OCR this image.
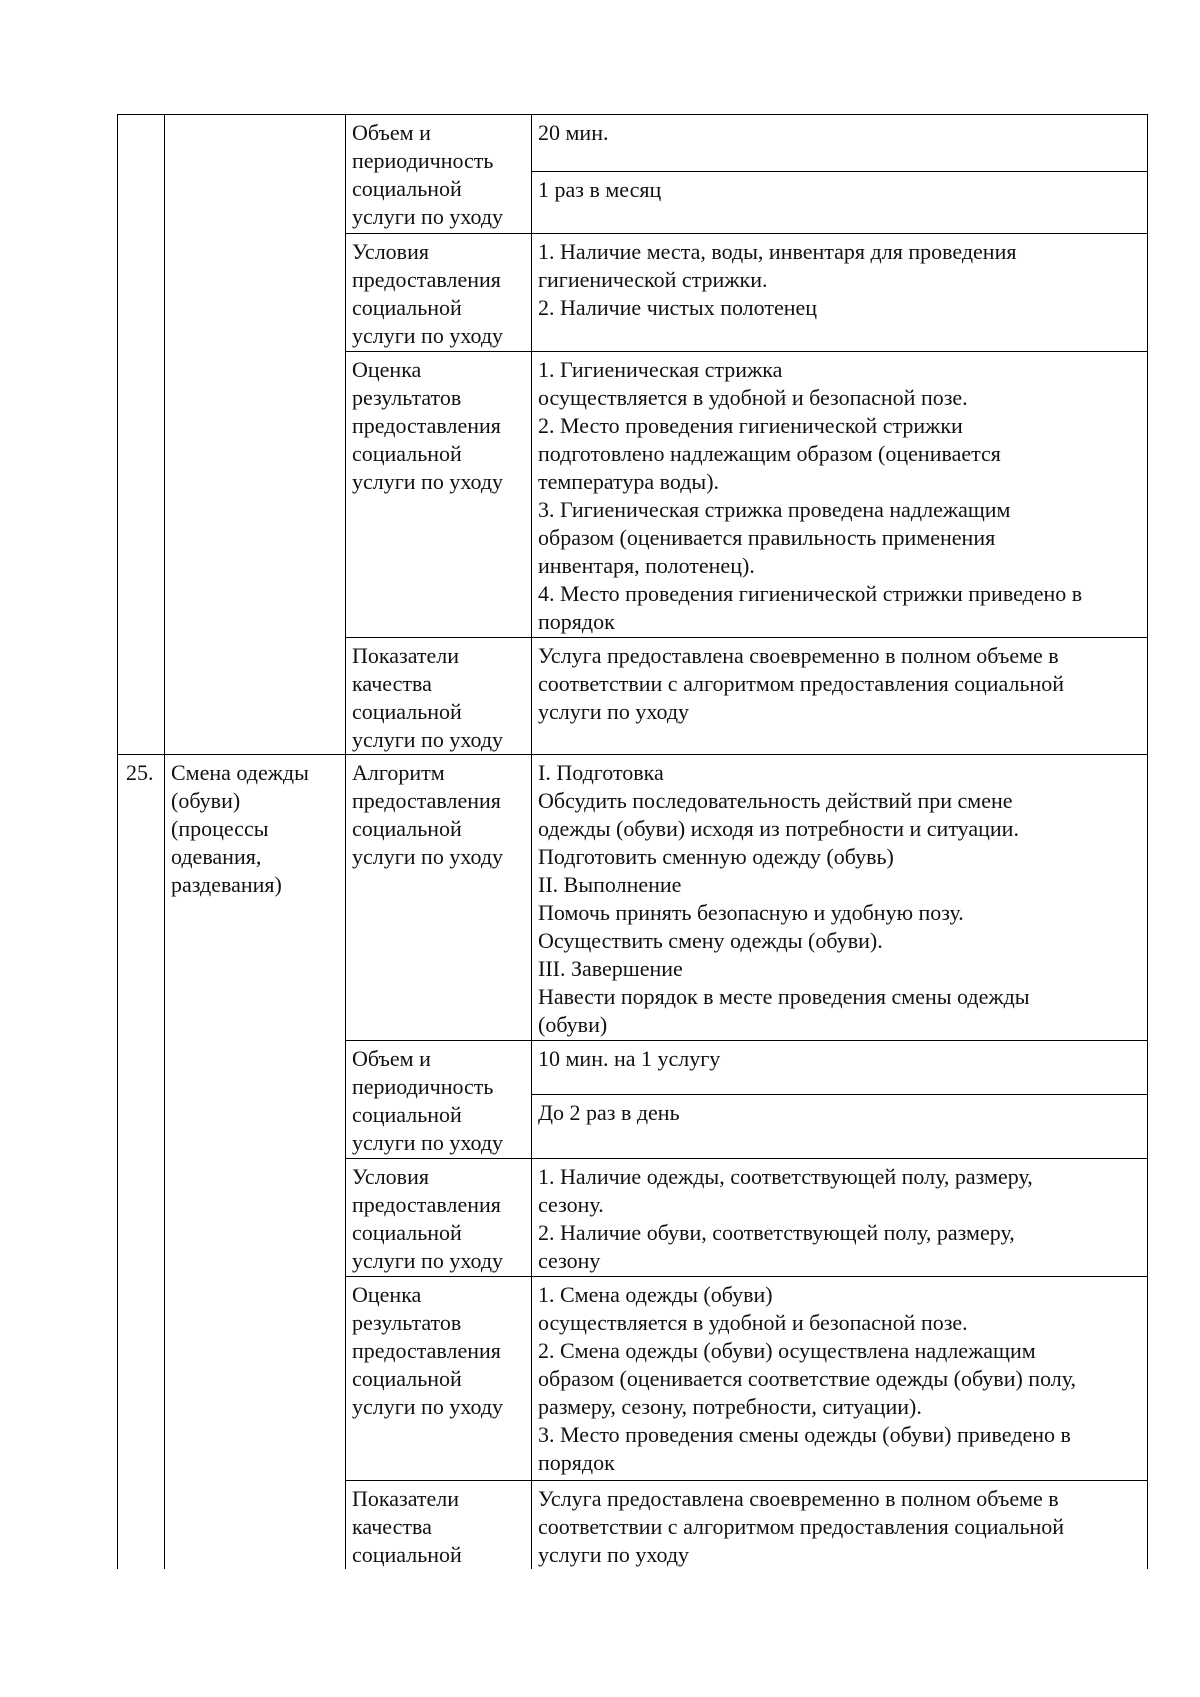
Объем и
периодичность
социальной
услуги по уходу
20 мин.
1 раз в месяц
Условия
предоставления
социальной
услуги по уходу
1. Наличие места, воды, инвентаря для проведения
гигиенической стрижки.
2. Наличие чистых полотенец
Оценка
результатов
предоставления
социальной
услуги по уходу
1. Гигиеническая стрижка
осуществляется в удобной и безопасной позе.
2. Место проведения гигиенической стрижки
подготовлено надлежащим образом (оценивается
температура воды).
3. Гигиеническая стрижка проведена надлежащим
образом (оценивается правильность применения
инвентаря, полотенец).
4. Место проведения гигиенической стрижки приведено в
порядок
Показатели
качества
социальной
услуги по уходу
Услуга предоставлена своевременно в полном объеме в
соответствии с алгоритмом предоставления социальной
услуги по уходу
25. Смена одежды
(обуви)
(процессы
одевания,
раздевания)
Алгоритм
предоставления
социальной
услуги по уходу
I. Подготовка
Обсудить последовательность действий при смене
одежды (обуви) исходя из потребности и ситуации.
Подготовить сменную одежду (обувь)
II. Выполнение
Помочь принять безопасную и удобную позу.
Осуществить смену одежды (обуви).
III. Завершение
Навести порядок в месте проведения смены одежды
(обуви)
Объем и
периодичность
социальной
услуги по уходу
10 мин. на 1 услугу
До 2 раз в день
Условия
предоставления
социальной
услуги по уходу
1. Наличие одежды, соответствующей полу, размеру,
сезону.
2. Наличие обуви, соответствующей полу, размеру,
сезону
Оценка
результатов
предоставления
социальной
услуги по уходу
1. Смена одежды (обуви)
осуществляется в удобной и безопасной позе.
2. Смена одежды (обуви) осуществлена надлежащим
образом (оценивается соответствие одежды (обуви) полу,
размеру, сезону, потребности, ситуации).
3. Место проведения смены одежды (обуви) приведено в
порядок
Показатели
качества
социальной
Услуга предоставлена своевременно в полном объеме в
соответствии с алгоритмом предоставления социальной
услуги по уходу
